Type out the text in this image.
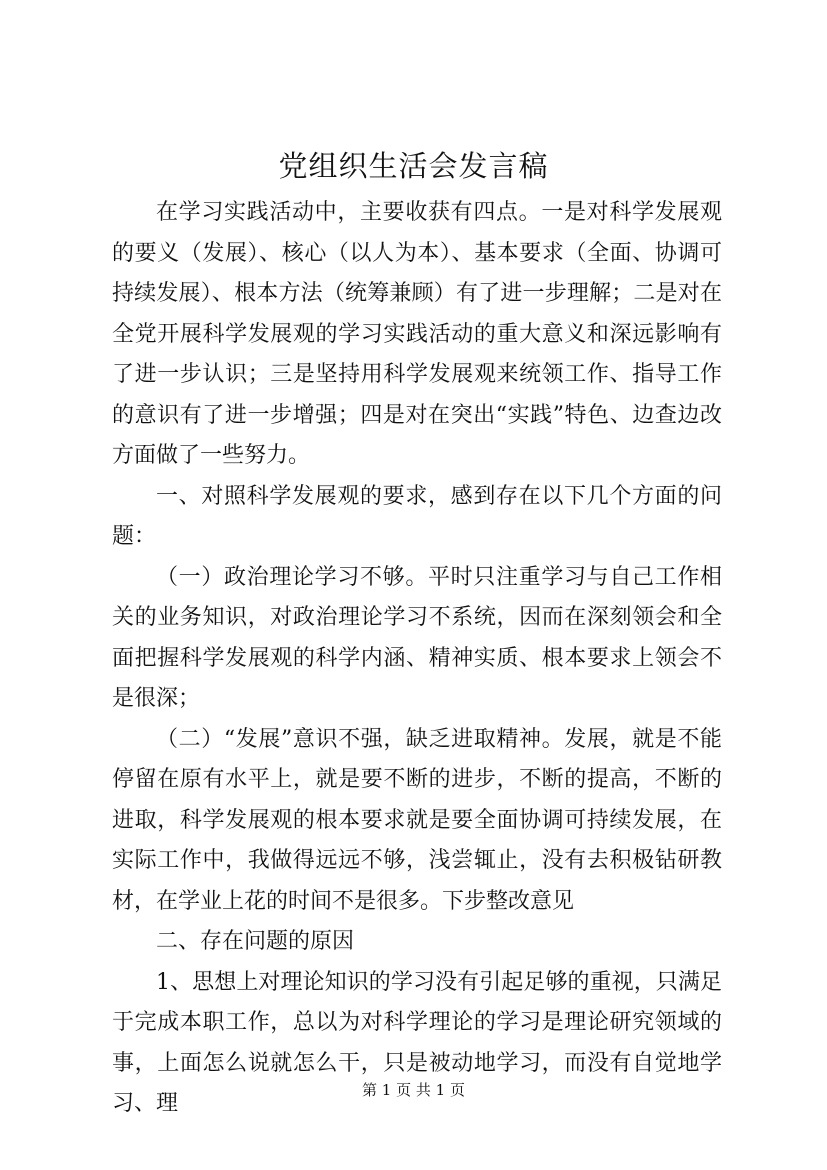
党组织生活会发言稿

在学习实践活动中，主要收获有四点。一是对科学发展观的要义（发展）、核心（以人为本）、基本要求（全面、协调可持续发展）、根本方法（统筹兼顾）有了进一步理解；二是对在全党开展科学发展观的学习实践活动的重大意义和深远影响有了进一步认识；三是坚持用科学发展观来统领工作、指导工作的意识有了进一步增强；四是对在突出“实践”特色、边查边改方面做了一些努力。

一、对照科学发展观的要求，感到存在以下几个方面的问题：

（一）政治理论学习不够。平时只注重学习与自己工作相关的业务知识，对政治理论学习不系统，因而在深刻领会和全面把握科学发展观的科学内涵、精神实质、根本要求上领会不是很深；

（二）“发展”意识不强，缺乏进取精神。发展，就是不能停留在原有水平上，就是要不断的进步，不断的提高，不断的进取，科学发展观的根本要求就是要全面协调可持续发展，在实际工作中，我做得远远不够，浅尝辄止，没有去积极钻研教材，在学业上花的时间不是很多。下步整改意见

二、存在问题的原因

1、思想上对理论知识的学习没有引起足够的重视，只满足于完成本职工作，总以为对科学理论的学习是理论研究领域的事，上面怎么说就怎么干，只是被动地学习，而没有自觉地学习、理

第 1 页 共 1 页
